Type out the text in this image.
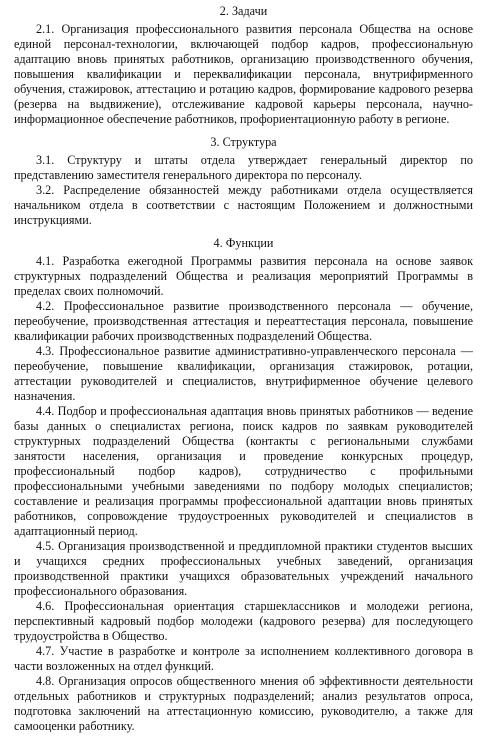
2. Задачи

2.1. Организация профессионального развития персонала Общества на основе единой персонал-технологии, включающей подбор кадров, профессиональную адаптацию вновь принятых работников, организацию производственного обучения, повышения квалификации и переквалификации персонала, внутрифирменного обучения, стажировок, аттестацию и ротацию кадров, формирование кадрового резерва (резерва на выдвижение), отслеживание кадровой карьеры персонала, научно-информационное обеспечение работников, профориентационную работу в регионе.

3. Структура

3.1. Структуру и штаты отдела утверждает генеральный директор по представлению заместителя генерального директора по персоналу.

3.2. Распределение обязанностей между работниками отдела осуществляется начальником отдела в соответствии с настоящим Положением и должностными инструкциями.

4. Функции

4.1. Разработка ежегодной Программы развития персонала на основе заявок структурных подразделений Общества и реализация мероприятий Программы в пределах своих полномочий.

4.2. Профессиональное развитие производственного персонала — обучение, переобучение, производственная аттестация и переаттестация персонала, повышение квалификации рабочих производственных подразделений Общества.

4.3. Профессиональное развитие административно-управленческого персонала — переобучение, повышение квалификации, организация стажировок, ротации, аттестации руководителей и специалистов, внутрифирменное обучение целевого назначения.

4.4. Подбор и профессиональная адаптация вновь принятых работников — ведение базы данных о специалистах региона, поиск кадров по заявкам руководителей структурных подразделений Общества (контакты с региональными службами занятости населения, организация и проведение конкурсных процедур, профессиональный подбор кадров), сотрудничество с профильными профессиональными учебными заведениями по подбору молодых специалистов; составление и реализация программы профессиональной адаптации вновь принятых работников, сопровождение трудоустроенных руководителей и специалистов в адаптационный период.

4.5. Организация производственной и преддипломной практики студентов высших и учащихся средних профессиональных учебных заведений, организация производственной практики учащихся образовательных учреждений начального профессионального образования.

4.6. Профессиональная ориентация старшеклассников и молодежи региона, перспективный кадровый подбор молодежи (кадрового резерва) для последующего трудоустройства в Общество.

4.7. Участие в разработке и контроле за исполнением коллективного договора в части возложенных на отдел функций.

4.8. Организация опросов общественного мнения об эффективности деятельности отдельных работников и структурных подразделений; анализ результатов опроса, подготовка заключений на аттестационную комиссию, руководителю, а также для самооценки работнику.
